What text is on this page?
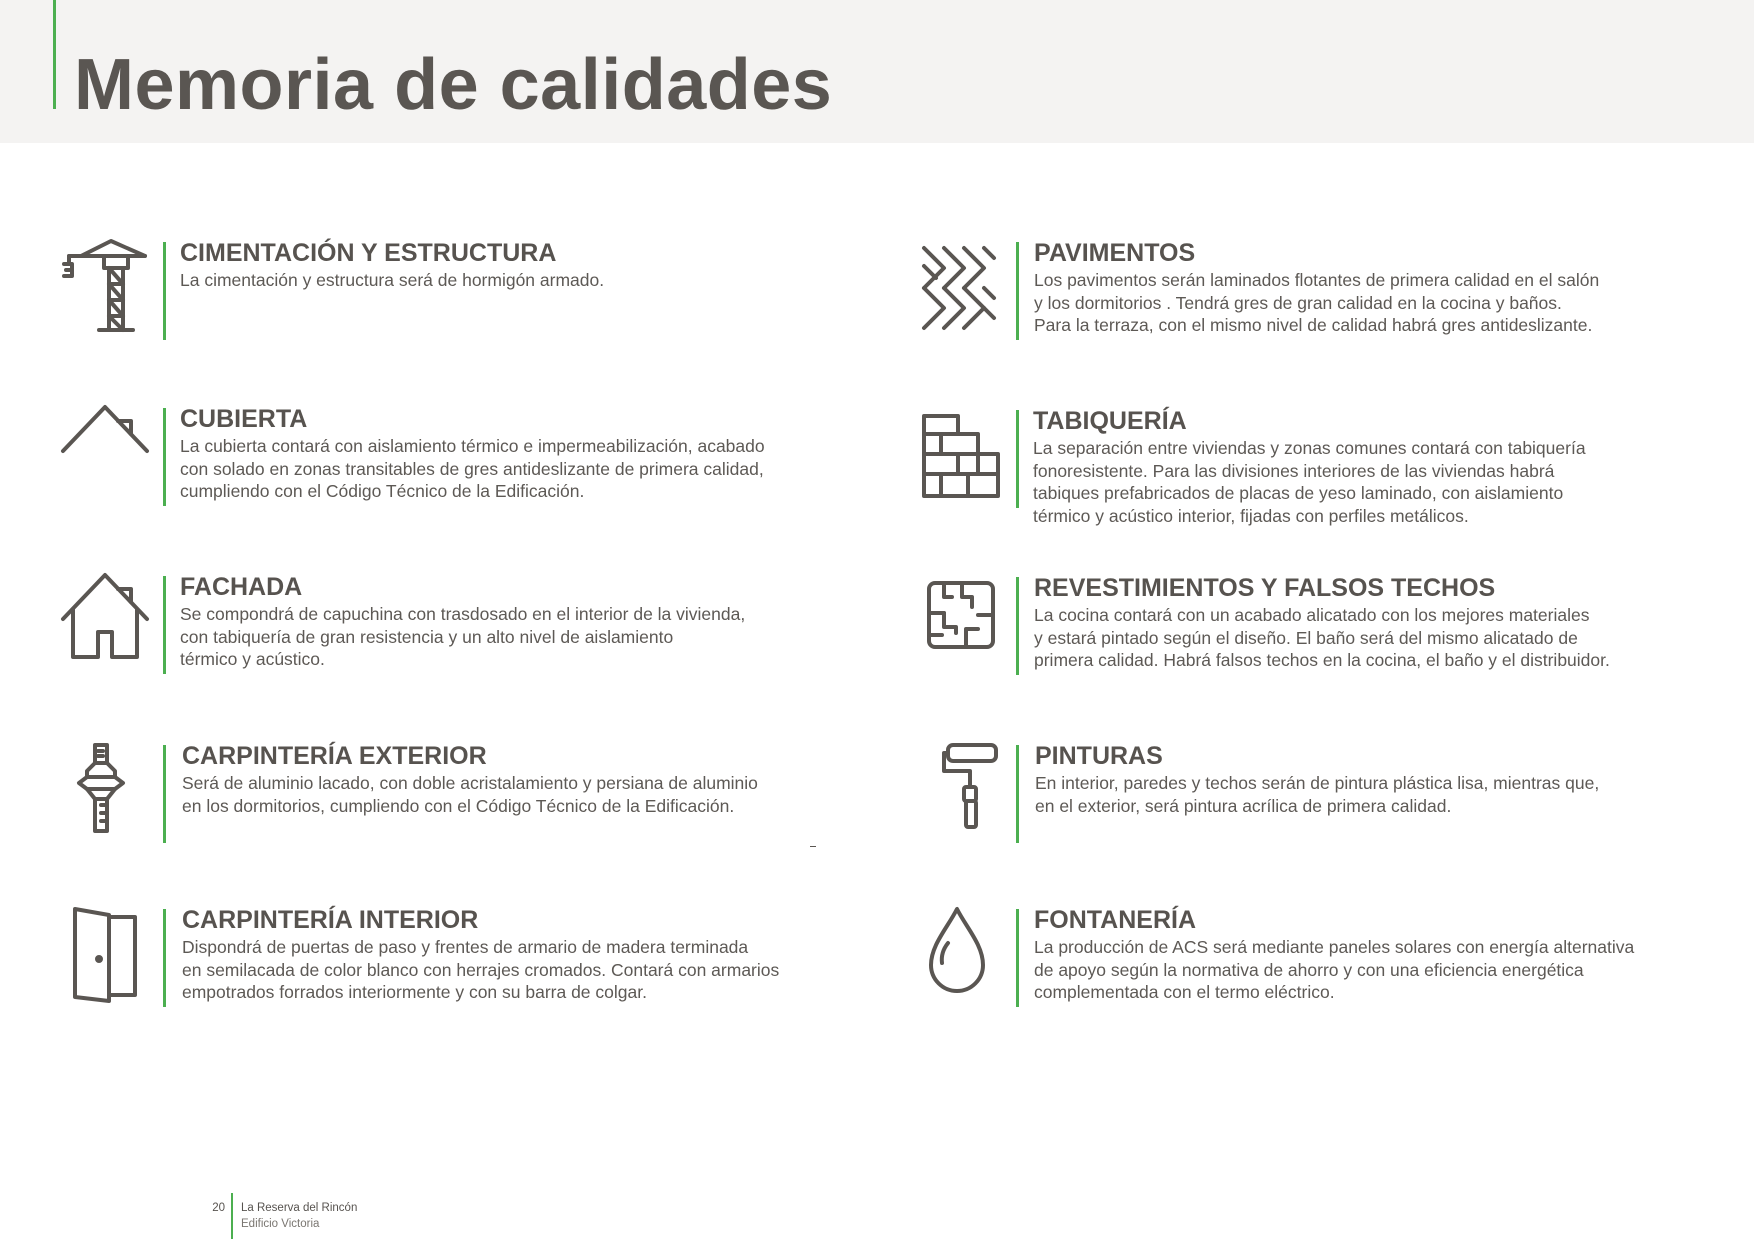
Memoria de calidades
CIMENTACIÓN Y ESTRUCTURA
La cimentación y estructura será de hormigón armado.
CUBIERTA
La cubierta contará con aislamiento térmico e impermeabilización, acabado
con solado en zonas transitables de gres antideslizante de primera calidad,
cumpliendo con el Código Técnico de la Edificación.
FACHADA
Se compondrá de capuchina con trasdosado en el interior de la vivienda,
con tabiquería de gran resistencia y un alto nivel de aislamiento
térmico y acústico.
CARPINTERÍA EXTERIOR
Será de aluminio lacado, con doble acristalamiento y persiana de aluminio
en los dormitorios, cumpliendo con el Código Técnico de la Edificación.
CARPINTERÍA INTERIOR
Dispondrá de puertas de paso y frentes de armario de madera terminada
en semilacada de color blanco con herrajes cromados. Contará con armarios
empotrados forrados interiormente y con su barra de colgar.
PAVIMENTOS
Los pavimentos serán laminados flotantes de primera calidad en el salón
y los dormitorios . Tendrá gres de gran calidad en la cocina y baños.
Para la terraza, con el mismo nivel de calidad habrá gres antideslizante.
TABIQUERÍA
La separación entre viviendas y zonas comunes contará con tabiquería
fonoresistente. Para las divisiones interiores de las viviendas habrá
tabiques prefabricados de placas de yeso laminado, con aislamiento
térmico y acústico interior, fijadas con perfiles metálicos.
REVESTIMIENTOS Y FALSOS TECHOS
La cocina contará con un acabado alicatado con los mejores materiales
y estará pintado según el diseño. El baño será del mismo alicatado de
primera calidad. Habrá falsos techos en la cocina, el baño y el distribuidor.
PINTURAS
En interior, paredes y techos serán de pintura plástica lisa, mientras que,
en el exterior, será pintura acrílica de primera calidad.
FONTANERÍA
La producción de ACS será mediante paneles solares con energía alternativa
de apoyo según la normativa de ahorro y con una eficiencia energética
complementada con el termo eléctrico.
20 La Reserva del Rincón
Edificio Victoria
